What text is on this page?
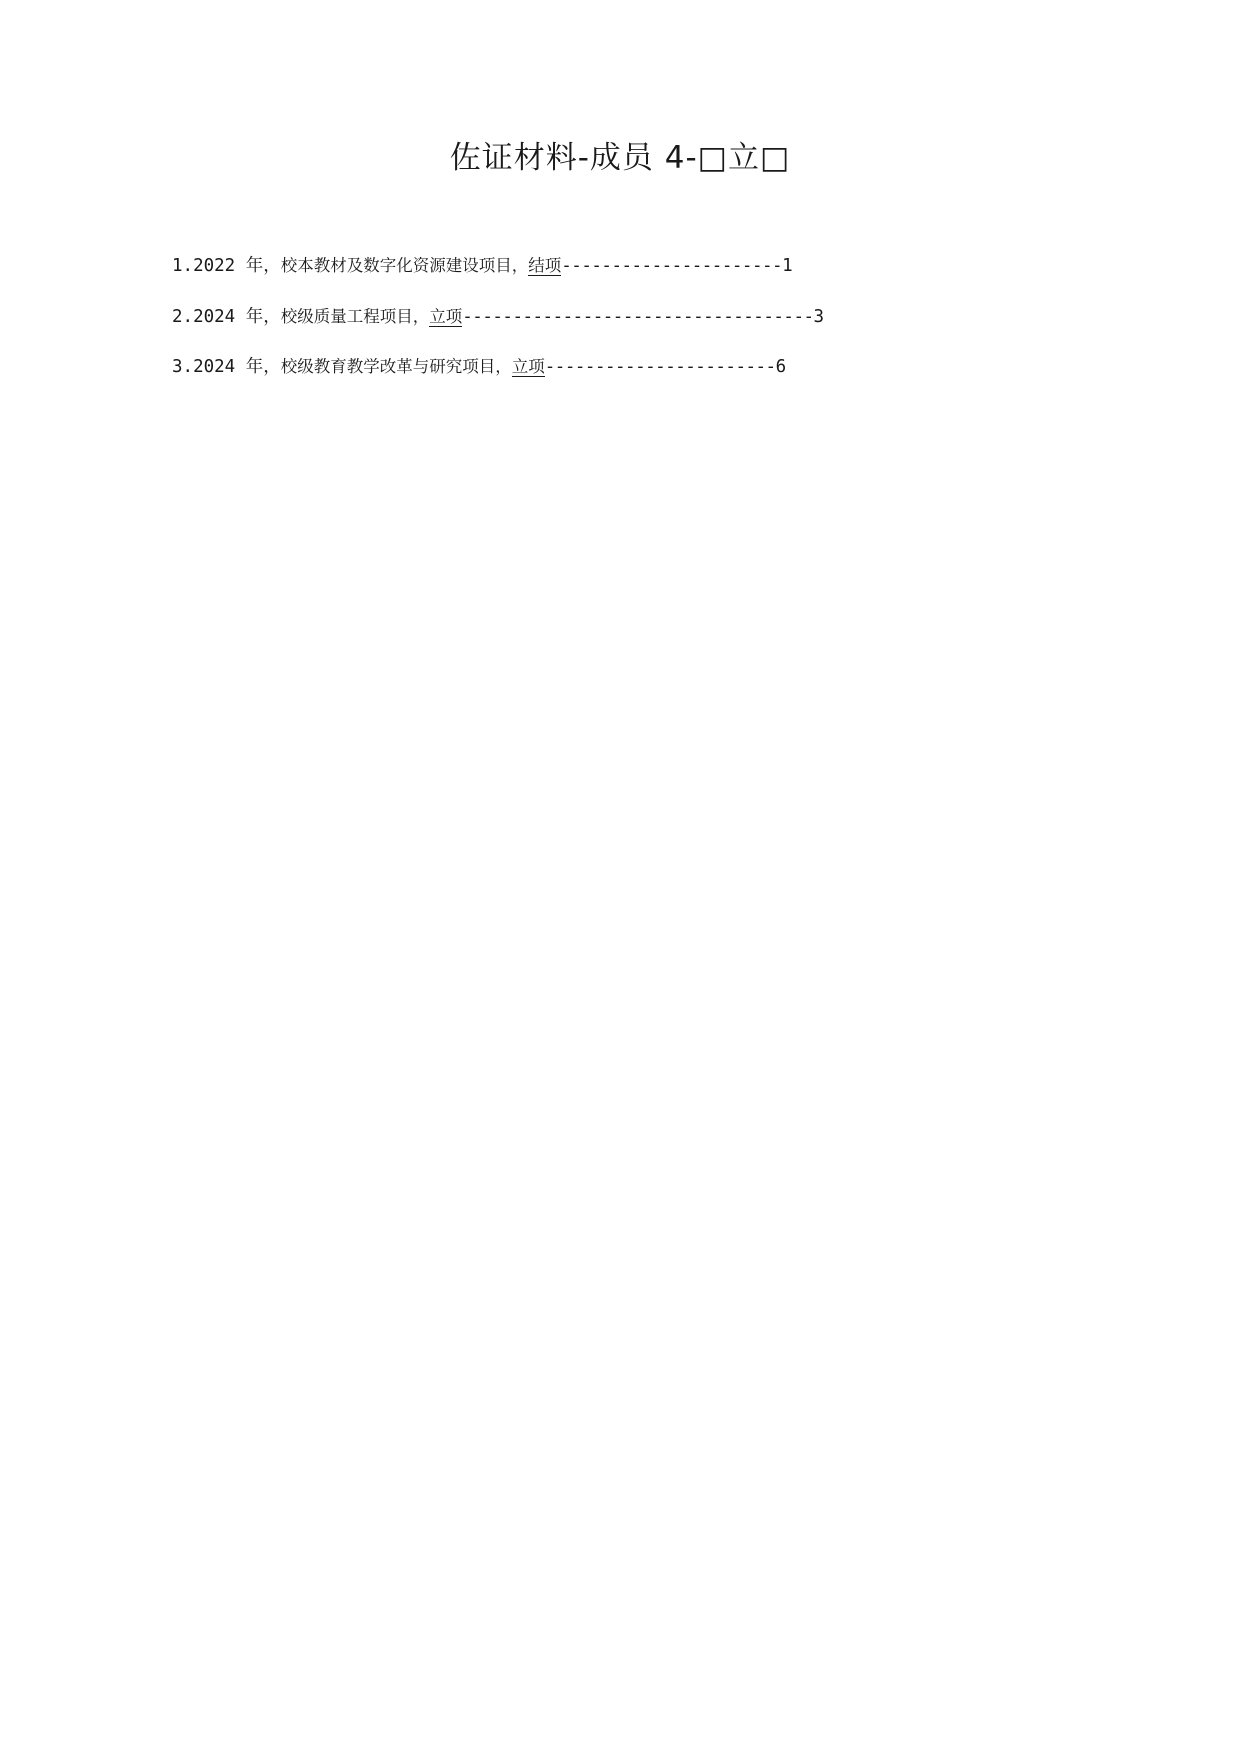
佐证材料-成员 4-□立□
1.2022 年，校本教材及数字化资源建设项目，结项----------------------1
2.2024 年，校级质量工程项目，立项-----------------------------------3
3.2024 年，校级教育教学改革与研究项目，立项-----------------------6
